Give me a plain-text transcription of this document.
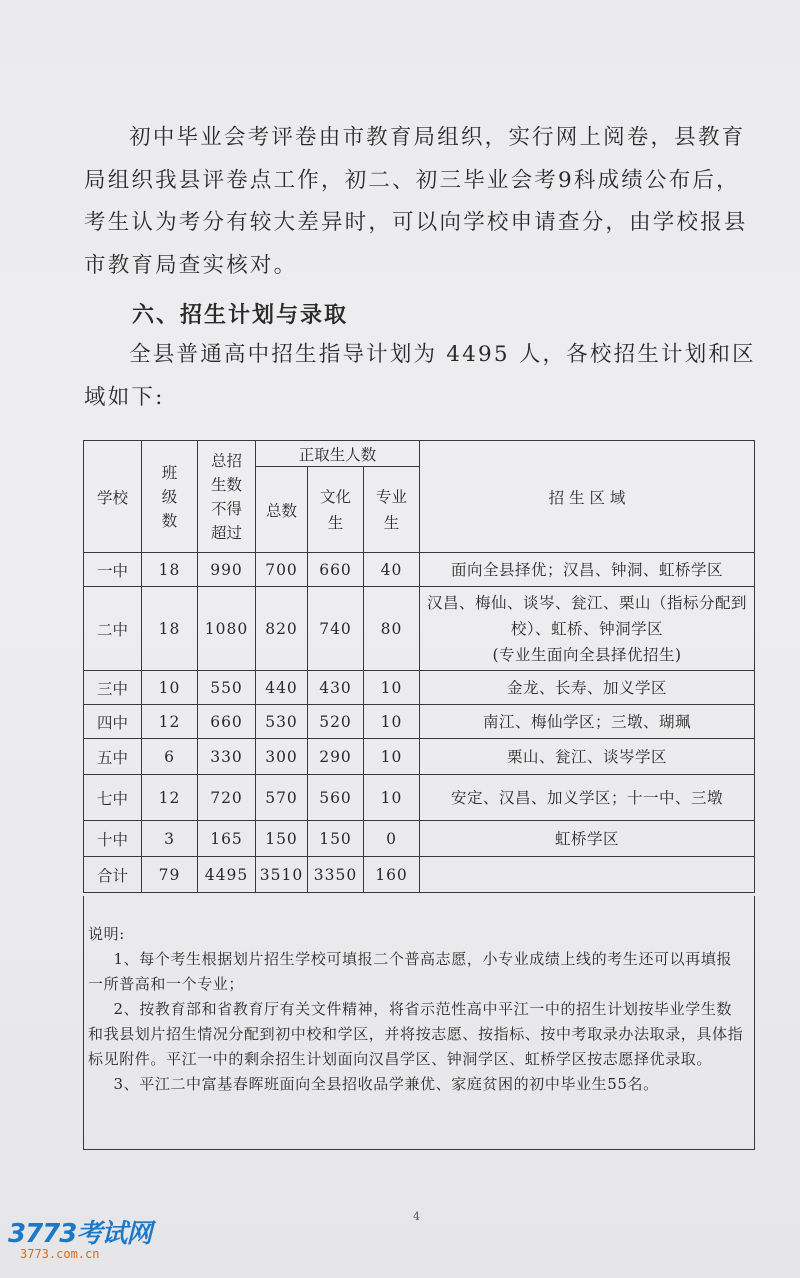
初中毕业会考评卷由市教育局组织，实行网上阅卷，县教育局组织我县评卷点工作，初二、初三毕业会考9科成绩公布后，考生认为考分有较大差异时，可以向学校申请查分，由学校报县市教育局查实核对。

六、招生计划与录取

全县普通高中招生指导计划为 4495 人，各校招生计划和区域如下:

学校	班级数	总招生数不得超过	正取生人数			招 生 区 域
			总数	文化生	专业生	

一中	18	990	700	660	40	面向全县择优；汉昌、钟洞、虹桥学区
二中	18	1080	820	740	80	汉昌、梅仙、谈岑、瓮江、栗山（指标分配到校）、虹桥、钟洞学区
(专业生面向全县择优招生)

三中	10	550	440	430	10	金龙、长寿、加义学区
四中	12	660	530	520	10	南江、梅仙学区；三墩、瑚珮
五中	6	330	300	290	10	栗山、瓮江、谈岑学区
七中	12	720	570	560	10	安定、汉昌、加义学区；十一中、三墩
十中	3	165	150	150	0	虹桥学区
合计	79	4495	3510	3350	160	

说明:

1、每个考生根据划片招生学校可填报二个普高志愿，小专业成绩上线的考生还可以再填报一所普高和一个专业；

2、按教育部和省教育厅有关文件精神，将省示范性高中平江一中的招生计划按毕业学生数和我县划片招生情况分配到初中校和学区，并将按志愿、按指标、按中考取录办法取录，具体指标见附件。平江一中的剩余招生计划面向汉昌学区、钟洞学区、虹桥学区按志愿择优录取。

3、平江二中富基春晖班面向全县招收品学兼优、家庭贫困的初中毕业生55名。

4
3773考试网
3773.com.cn
